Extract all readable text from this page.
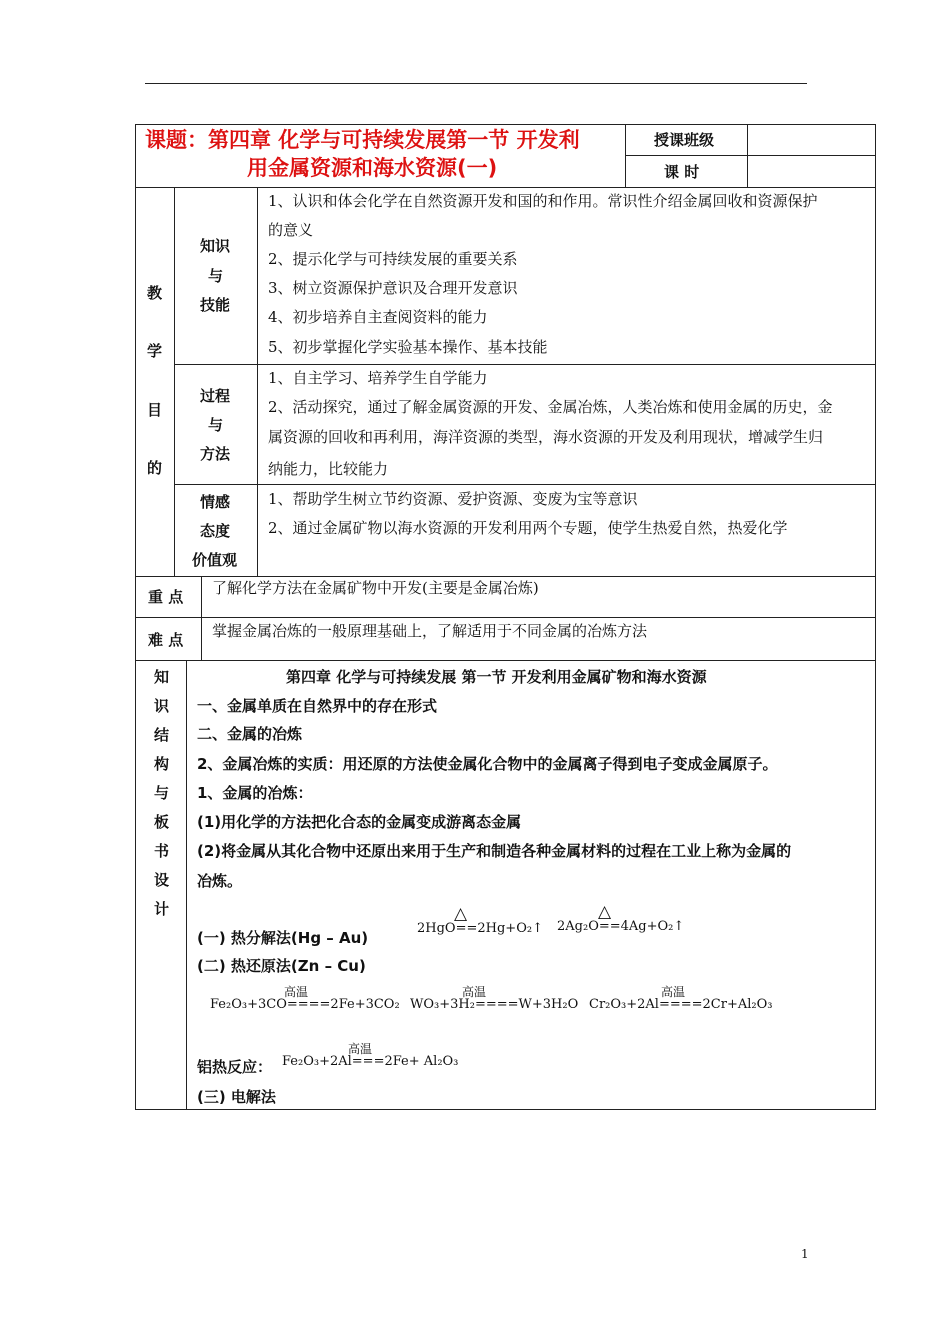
课题：第四章 化学与可持续发展第一节 开发利
用金属资源和海水资源(一)
授课班级
课 时
教
学
目
的
知识
与
技能
1、认识和体会化学在自然资源开发和国的和作用。常识性介绍金属回收和资源保护
的意义
2、提示化学与可持续发展的重要关系
3、树立资源保护意识及合理开发意识
4、初步培养自主查阅资料的能力
5、初步掌握化学实验基本操作、基本技能
过程
与
方法
1、自主学习、培养学生自学能力
2、活动探究，通过了解金属资源的开发、金属冶炼，人类冶炼和使用金属的历史，金
属资源的回收和再利用，海洋资源的类型，海水资源的开发及利用现状，增减学生归
纳能力，比较能力
情感
态度
价值观
1、帮助学生树立节约资源、爱护资源、变废为宝等意识
2、通过金属矿物以海水资源的开发利用两个专题，使学生热爱自然，热爱化学
重 点 了解化学方法在金属矿物中开发(主要是金属冶炼)
难 点 掌握金属冶炼的一般原理基础上，了解适用于不同金属的冶炼方法
知
识
结
构
与
板
书
设
计
第四章 化学与可持续发展 第一节 开发利用金属矿物和海水资源
一、金属单质在自然界中的存在形式
二、金属的冶炼
2、金属冶炼的实质：用还原的方法使金属化合物中的金属离子得到电子变成金属原子。
1、金属的冶炼：
(1)用化学的方法把化合态的金属变成游离态金属
(2)将金属从其化合物中还原出来用于生产和制造各种金属材料的过程在工业上称为金属的
冶炼。
(一) 热分解法(Hg – Au)
△
2HgO==2Hg+O₂↑
△
2Ag₂O==4Ag+O₂↑
(二) 热还原法(Zn – Cu)
高温
Fe₂O₃+3CO====2Fe+3CO₂
高温
WO₃+3H₂====W+3H₂O
高温
Cr₂O₃+2Al====2Cr+Al₂O₃
铝热反应：
高温
Fe₂O₃+2Al===2Fe+ Al₂O₃
(三) 电解法
1
